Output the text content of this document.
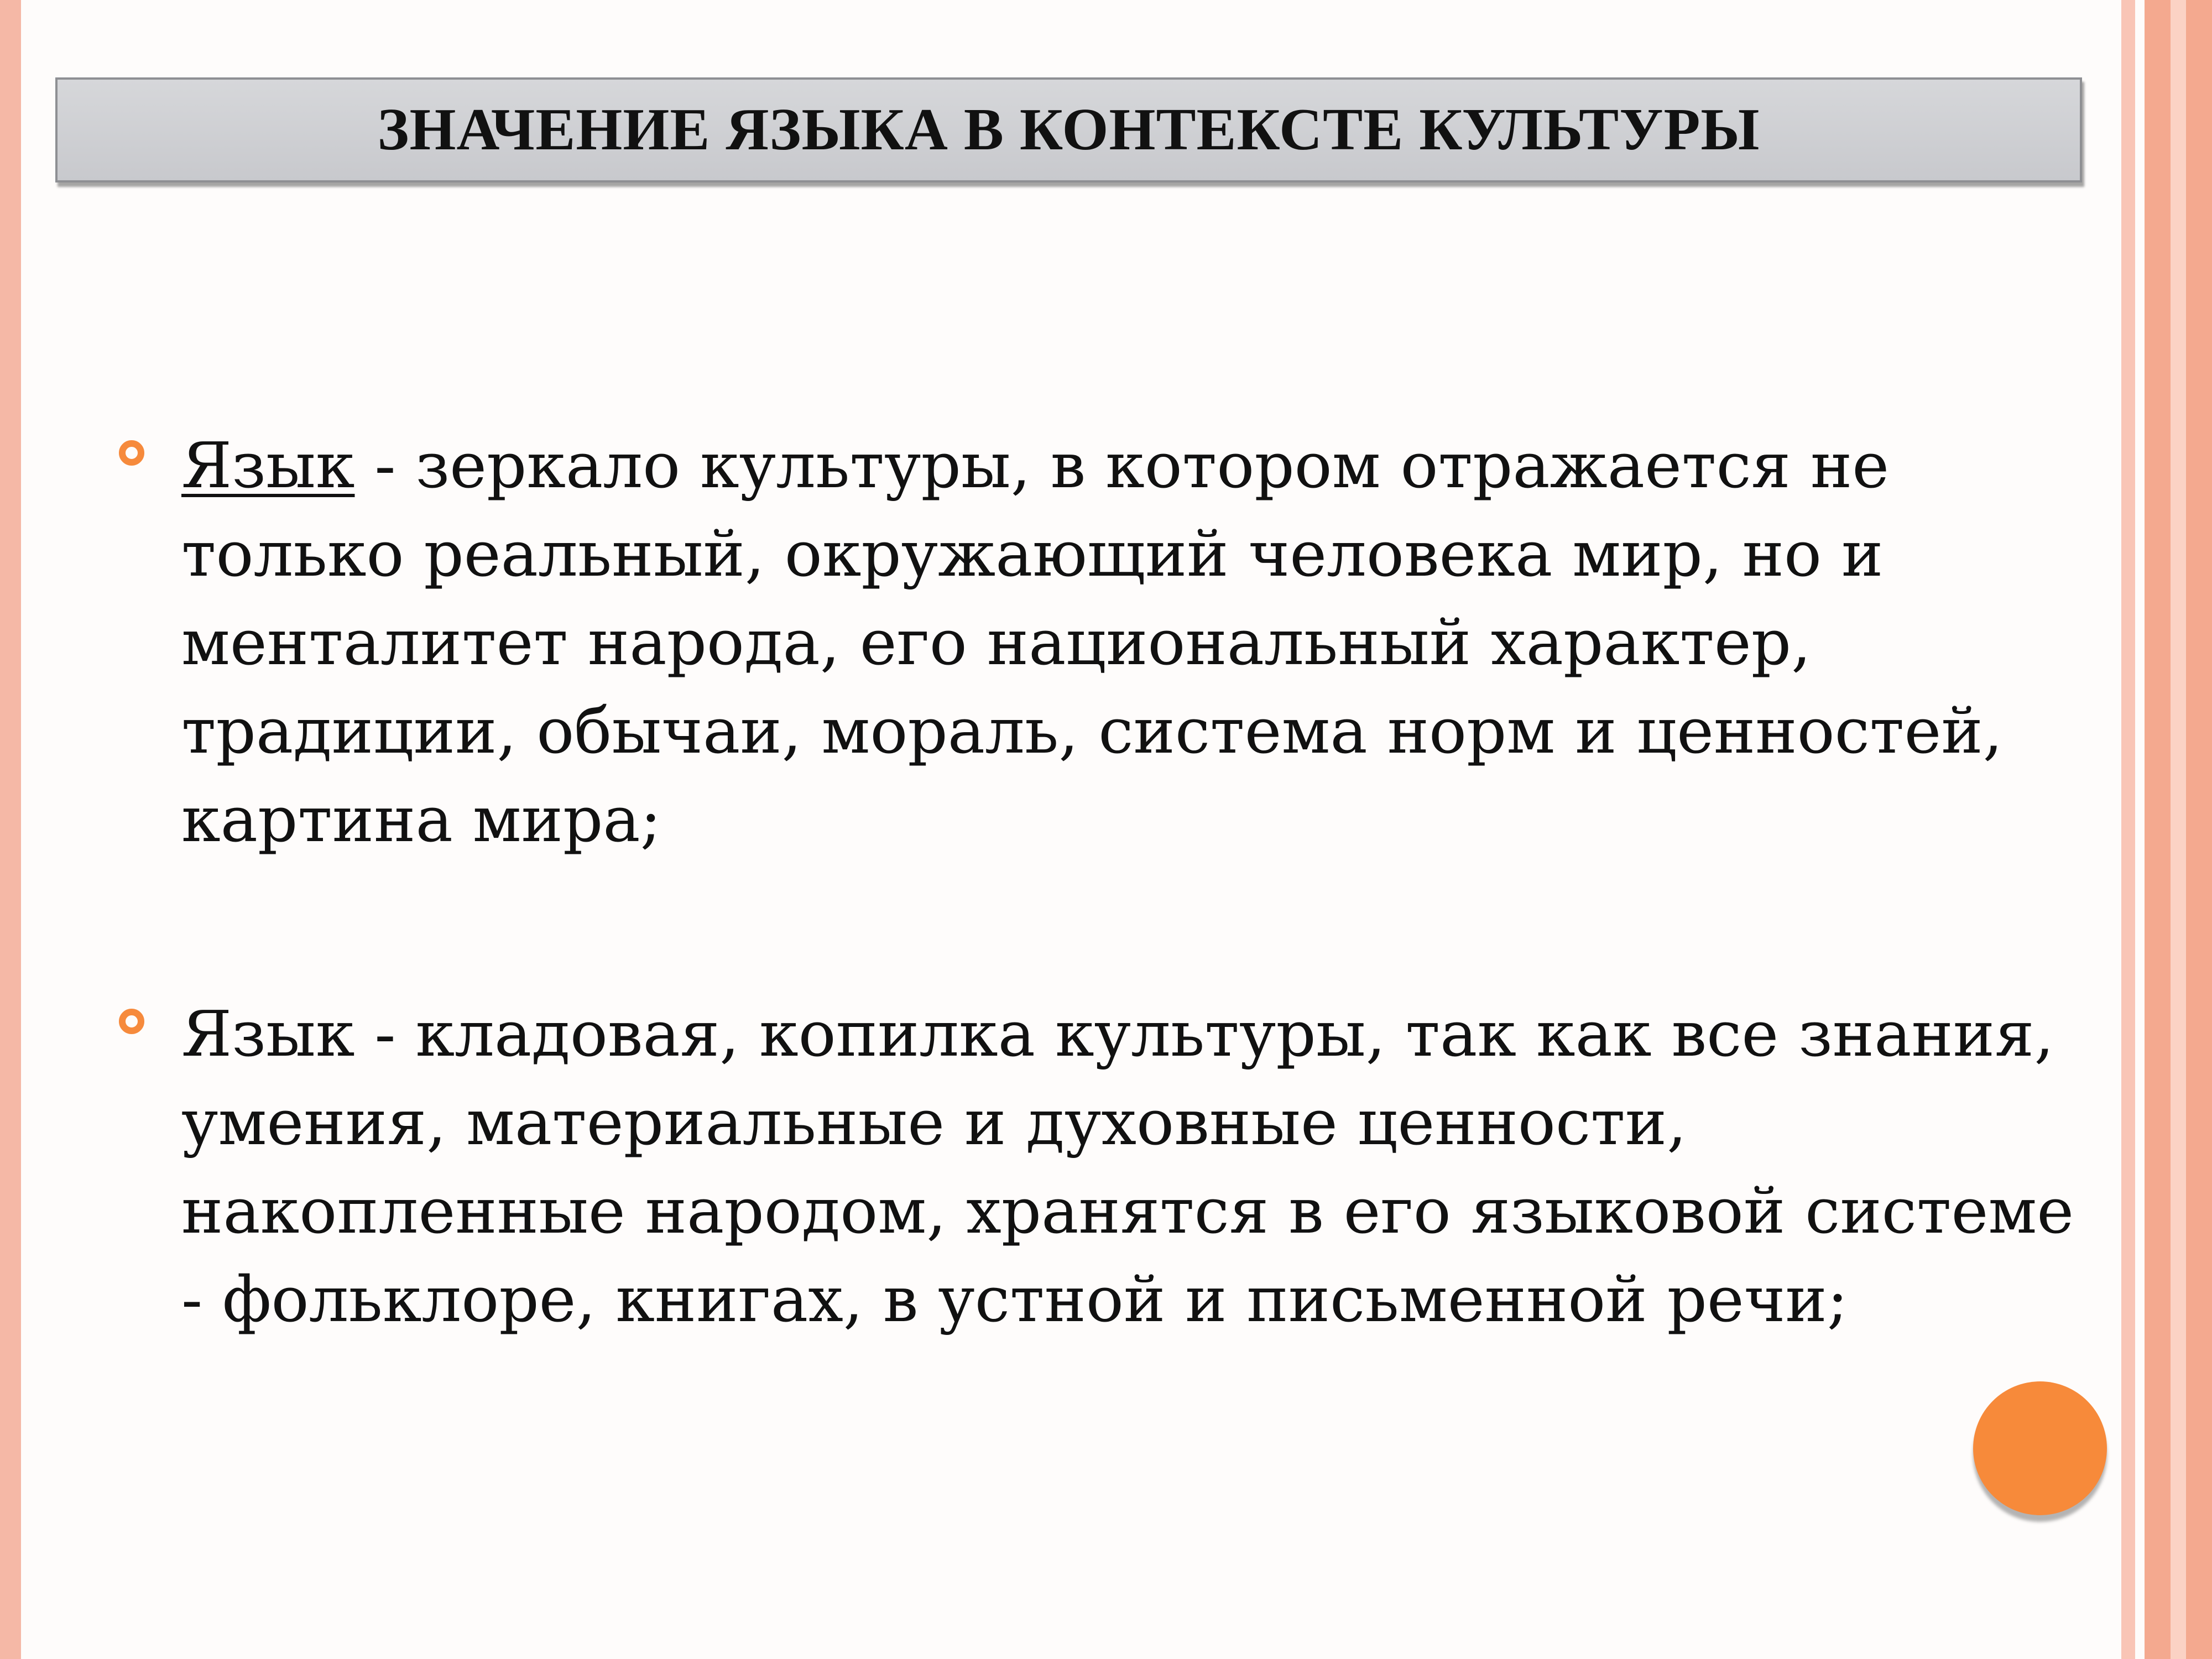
ЗНАЧЕНИЕ ЯЗЫКА В КОНТЕКСТЕ КУЛЬТУРЫ
Язык - зеркало культуры, в котором отражается не только реальный, окружающий человека мир, но и менталитет народа, его национальный характер, традиции, обычаи, мораль, система норм и ценностей, картина мира;
Язык - кладовая, копилка культуры, так как все знания, умения, материальные и духовные ценности, накопленные народом, хранятся в его языковой системе - фольклоре, книгах, в устной и письменной речи;
